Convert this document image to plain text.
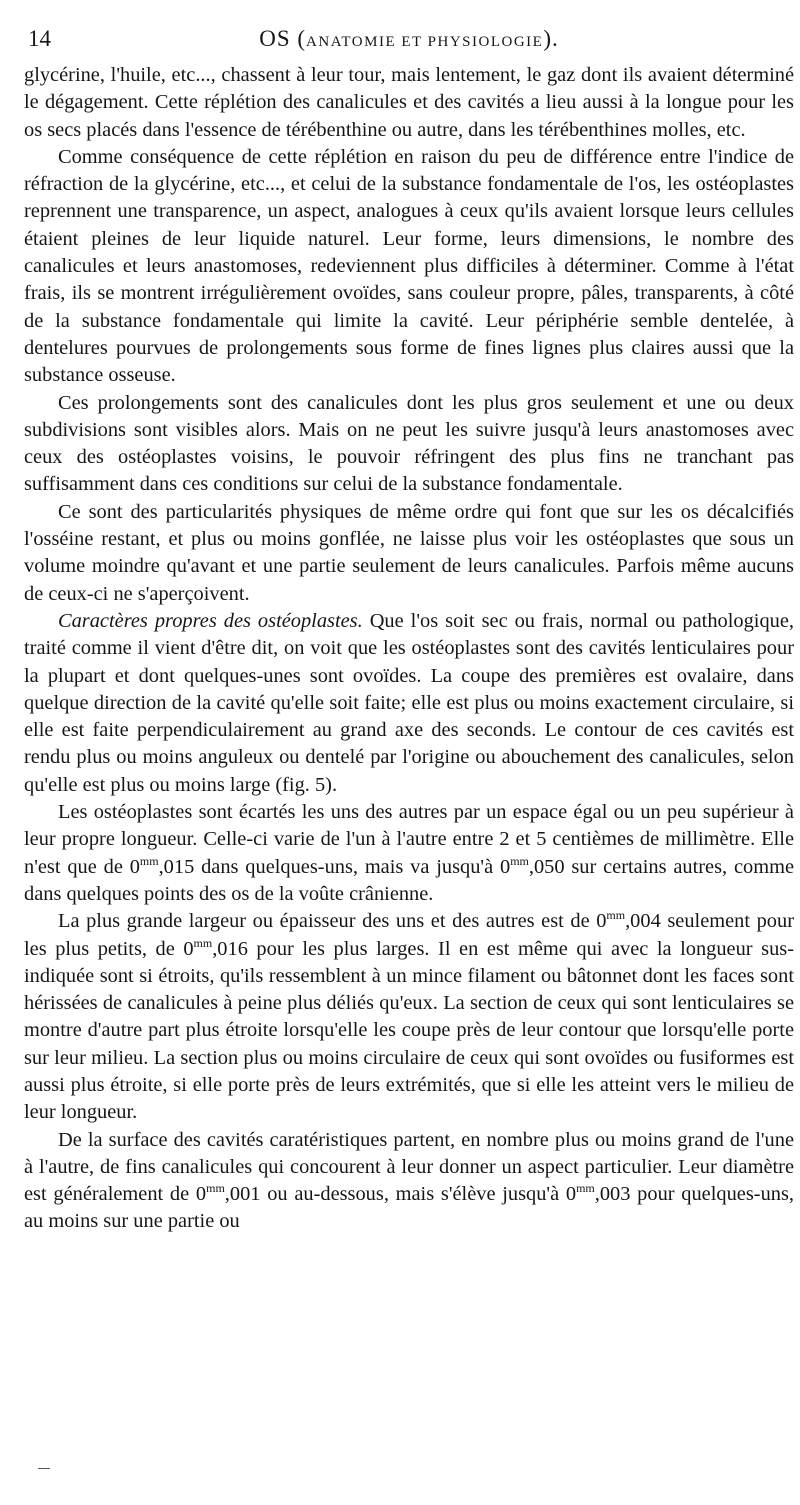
14	OS (ANATOMIE ET PHYSIOLOGIE).

glycérine, l'huile, etc..., chassent à leur tour, mais lentement, le gaz dont ils avaient déterminé le dégagement. Cette réplétion des canalicules et des cavités a lieu aussi à la longue pour les os secs placés dans l'essence de térébenthine ou autre, dans les térébenthines molles, etc.

Comme conséquence de cette réplétion en raison du peu de différence entre l'indice de réfraction de la glycérine, etc..., et celui de la substance fondamentale de l'os, les ostéoplastes reprennent une transparence, un aspect, analogues à ceux qu'ils avaient lorsque leurs cellules étaient pleines de leur liquide naturel. Leur forme, leurs dimensions, le nombre des canalicules et leurs anastomoses, redeviennent plus difficiles à déterminer. Comme à l'état frais, ils se montrent irrégulièrement ovoïdes, sans couleur propre, pâles, transparents, à côté de la substance fondamentale qui limite la cavité. Leur périphérie semble dentelée, à dentelures pourvues de prolongements sous forme de fines lignes plus claires aussi que la substance osseuse.

Ces prolongements sont des canalicules dont les plus gros seulement et une ou deux subdivisions sont visibles alors. Mais on ne peut les suivre jusqu'à leurs anastomoses avec ceux des ostéoplastes voisins, le pouvoir réfringent des plus fins ne tranchant pas suffisamment dans ces conditions sur celui de la substance fondamentale.

Ce sont des particularités physiques de même ordre qui font que sur les os décalcifiés l'osséine restant, et plus ou moins gonflée, ne laisse plus voir les ostéoplastes que sous un volume moindre qu'avant et une partie seulement de leurs canalicules. Parfois même aucuns de ceux-ci ne s'aperçoivent.

Caractères propres des ostéoplastes. Que l'os soit sec ou frais, normal ou pathologique, traité comme il vient d'être dit, on voit que les ostéoplastes sont des cavités lenticulaires pour la plupart et dont quelques-unes sont ovoïdes. La coupe des premières est ovalaire, dans quelque direction de la cavité qu'elle soit faite; elle est plus ou moins exactement circulaire, si elle est faite perpendiculairement au grand axe des seconds. Le contour de ces cavités est rendu plus ou moins anguleux ou dentelé par l'origine ou abouchement des canalicules, selon qu'elle est plus ou moins large (fig. 5).

Les ostéoplastes sont écartés les uns des autres par un espace égal ou un peu supérieur à leur propre longueur. Celle-ci varie de l'un à l'autre entre 2 et 5 centièmes de millimètre. Elle n'est que de $0^{mm},015$ dans quelques-uns, mais va jusqu'à $0^{mm},050$ sur certains autres, comme dans quelques points des os de la voûte crânienne.

La plus grande largeur ou épaisseur des uns et des autres est de $0^{mm},004$ seulement pour les plus petits, de $0^{mm},016$ pour les plus larges. Il en est même qui avec la longueur sus-indiquée sont si étroits, qu'ils ressemblent à un mince filament ou bâtonnet dont les faces sont hérissées de canalicules à peine plus déliés qu'eux. La section de ceux qui sont lenticulaires se montre d'autre part plus étroite lorsqu'elle les coupe près de leur contour que lorsqu'elle porte sur leur milieu. La section plus ou moins circulaire de ceux qui sont ovoïdes ou fusiformes est aussi plus étroite, si elle porte près de leurs extrémités, que si elle les atteint vers le milieu de leur longueur.

De la surface des cavités caratéristiques partent, en nombre plus ou moins grand de l'une à l'autre, de fins canalicules qui concourent à leur donner un aspect particulier. Leur diamètre est généralement de $0^{mm},001$ ou au-dessous, mais s'élève jusqu'à $0^{mm},003$ pour quelques-uns, au moins sur une partie ou
